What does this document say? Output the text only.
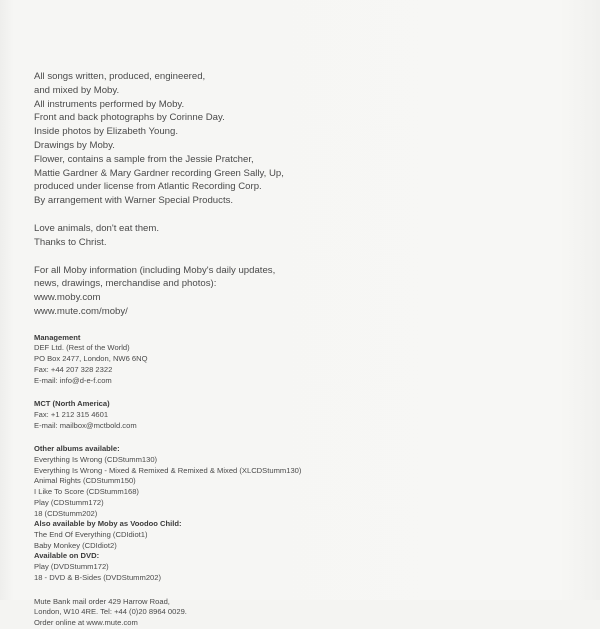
All songs written, produced, engineered,
and mixed by Moby.
All instruments performed by Moby.
Front and back photographs by Corinne Day.
Inside photos by Elizabeth Young.
Drawings by Moby.
Flower, contains a sample from the Jessie Pratcher,
Mattie Gardner & Mary Gardner recording Green Sally, Up,
produced under license from Atlantic Recording Corp.
By arrangement with Warner Special Products.
Love animals, don't eat them.
Thanks to Christ.
For all Moby information (including Moby's daily updates,
news, drawings, merchandise and photos):
www.moby.com
www.mute.com/moby/
Management
DEF Ltd. (Rest of the World)
PO Box 2477, London, NW6 6NQ
Fax: +44 207 328 2322
E-mail: info@d-e-f.com
MCT (North America)
Fax: +1 212 315 4601
E-mail: mailbox@mctbold.com
Other albums available:
Everything Is Wrong (CDStumm130)
Everything Is Wrong - Mixed & Remixed & Remixed & Mixed (XLCDStumm130)
Animal Rights (CDStumm150)
I Like To Score (CDStumm168)
Play (CDStumm172)
18 (CDStumm202)
Also available by Moby as Voodoo Child:
The End Of Everything (CDIdiot1)
Baby Monkey (CDIdiot2)
Available on DVD:
Play (DVDStumm172)
18 - DVD & B-Sides (DVDStumm202)
Mute Bank mail order 429 Harrow Road,
London, W10 4RE. Tel: +44 (0)20 8964 0029.
Order online at www.mute.com
